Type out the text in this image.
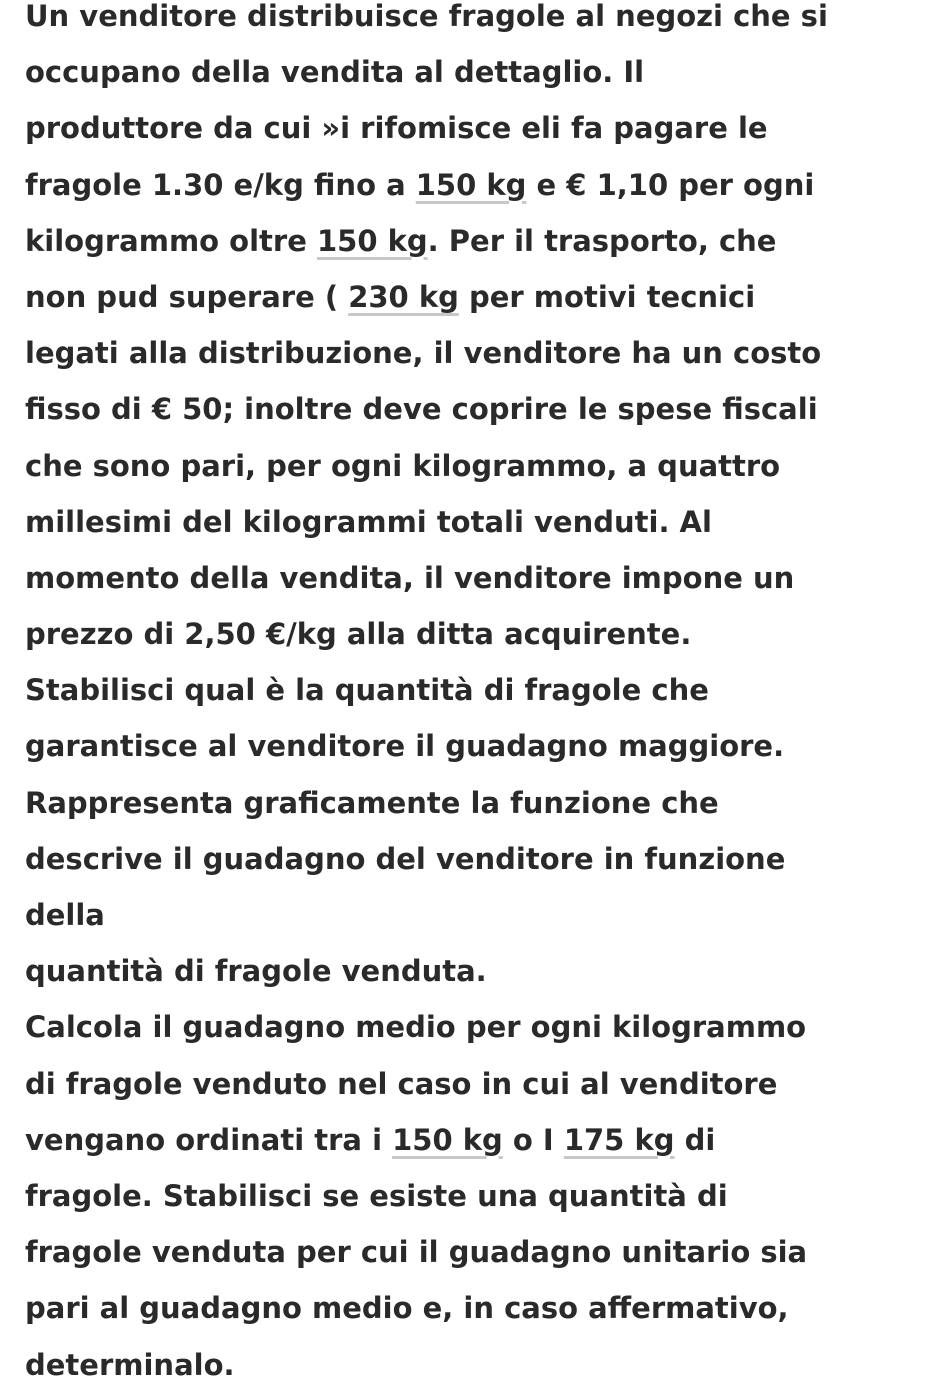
Un venditore distribuisce fragole al negozi che si
occupano della vendita al dettaglio. Il
produttore da cui »i rifomisce eli fa pagare le
fragole 1.30 e/kg fino a 150 kg e € 1,10 per ogni
kilogrammo oltre 150 kg. Per il trasporto, che
non pud superare ( 230 kg per motivi tecnici
legati alla distribuzione, il venditore ha un costo
fisso di € 50; inoltre deve coprire le spese fiscali
che sono pari, per ogni kilogrammo, a quattro
millesimi del kilogrammi totali venduti. Al
momento della vendita, il venditore impone un
prezzo di 2,50 €/kg alla ditta acquirente.
Stabilisci qual è la quantità di fragole che
garantisce al venditore il guadagno maggiore.
Rappresenta graficamente la funzione che
descrive il guadagno del venditore in funzione
della
quantità di fragole venduta.
Calcola il guadagno medio per ogni kilogrammo
di fragole venduto nel caso in cui al venditore
vengano ordinati tra i 150 kg o I 175 kg di
fragole. Stabilisci se esiste una quantità di
fragole venduta per cui il guadagno unitario sia
pari al guadagno medio e, in caso affermativo,
determinalo.
